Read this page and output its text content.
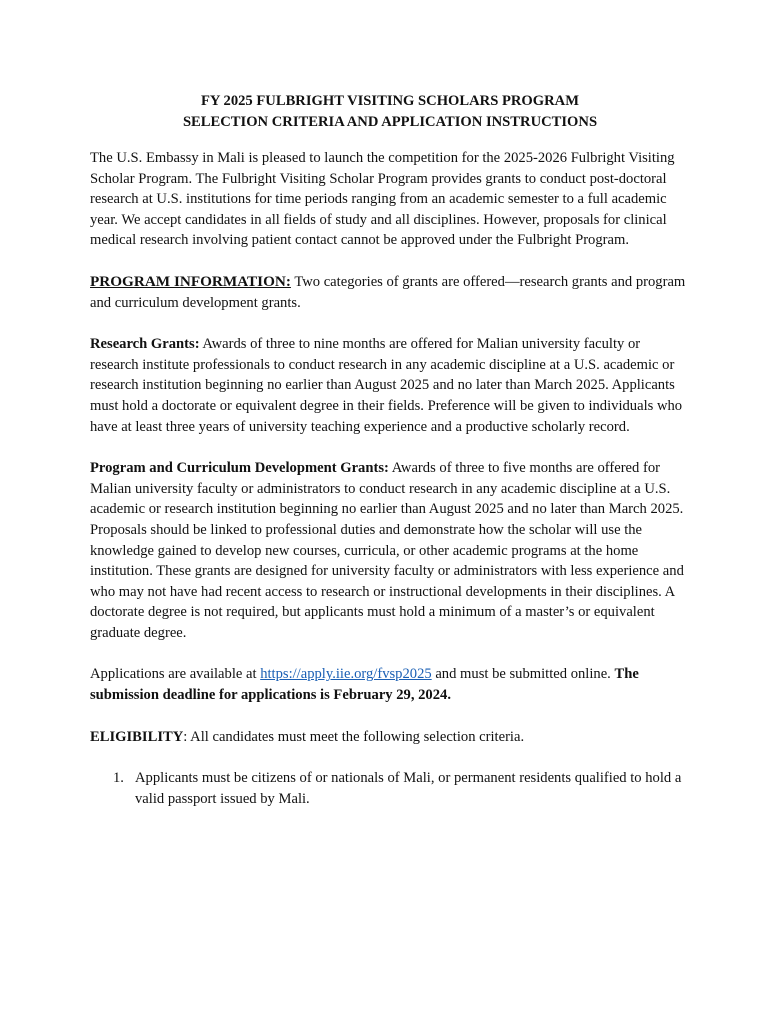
FY 2025 FULBRIGHT VISITING SCHOLARS PROGRAM
SELECTION CRITERIA AND APPLICATION INSTRUCTIONS

The U.S. Embassy in Mali is pleased to launch the competition for the 2025-2026 Fulbright Visiting Scholar Program. The Fulbright Visiting Scholar Program provides grants to conduct post-doctoral research at U.S. institutions for time periods ranging from an academic semester to a full academic year. We accept candidates in all fields of study and all disciplines. However, proposals for clinical medical research involving patient contact cannot be approved under the Fulbright Program.

PROGRAM INFORMATION: Two categories of grants are offered—research grants and program and curriculum development grants.

Research Grants: Awards of three to nine months are offered for Malian university faculty or research institute professionals to conduct research in any academic discipline at a U.S. academic or research institution beginning no earlier than August 2025 and no later than March 2025. Applicants must hold a doctorate or equivalent degree in their fields. Preference will be given to individuals who have at least three years of university teaching experience and a productive scholarly record.

Program and Curriculum Development Grants: Awards of three to five months are offered for Malian university faculty or administrators to conduct research in any academic discipline at a U.S. academic or research institution beginning no earlier than August 2025 and no later than March 2025. Proposals should be linked to professional duties and demonstrate how the scholar will use the knowledge gained to develop new courses, curricula, or other academic programs at the home institution. These grants are designed for university faculty or administrators with less experience and who may not have had recent access to research or instructional developments in their disciplines. A doctorate degree is not required, but applicants must hold a minimum of a master’s or equivalent graduate degree.

Applications are available at https://apply.iie.org/fvsp2025 and must be submitted online. The submission deadline for applications is February 29, 2024.

ELIGIBILITY: All candidates must meet the following selection criteria.

1. Applicants must be citizens of or nationals of Mali, or permanent residents qualified to hold a valid passport issued by Mali.
